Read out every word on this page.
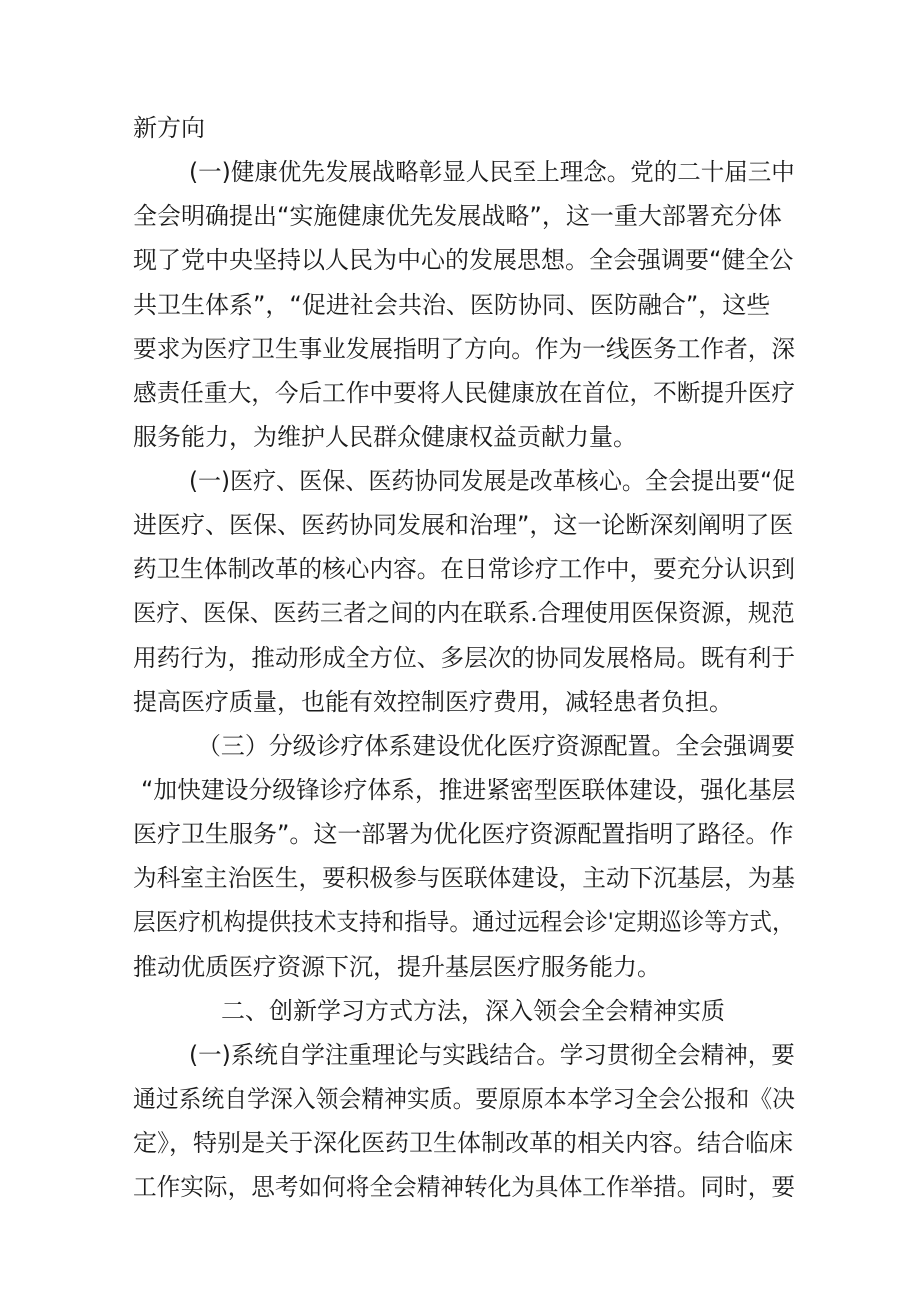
新方向
(一)健康优先发展战略彰显人民至上理念。党的二十届三中
全会明确提出“实施健康优先发展战略”，这一重大部署充分体
现了党中央坚持以人民为中心的发展思想。全会强调要“健全公
共卫生体系”，“促进社会共治、医防协同、医防融合”，这些
要求为医疗卫生事业发展指明了方向。作为一线医务工作者，深
感责任重大，今后工作中要将人民健康放在首位，不断提升医疗
服务能力，为维护人民群众健康权益贡献力量。
(一)医疗、医保、医药协同发展是改革核心。全会提出要“促
进医疗、医保、医药协同发展和治理”，这一论断深刻阐明了医
药卫生体制改革的核心内容。在日常诊疗工作中，要充分认识到
医疗、医保、医药三者之间的内在联系.合理使用医保资源，规范
用药行为，推动形成全方位、多层次的协同发展格局。既有利于
提高医疗质量，也能有效控制医疗费用，减轻患者负担。
（三）分级诊疗体系建设优化医疗资源配置。全会强调要
“加快建设分级锋诊疗体系，推进紧密型医联体建设，强化基层
医疗卫生服务”。这一部署为优化医疗资源配置指明了路径。作
为科室主治医生，要积极参与医联体建设，主动下沉基层，为基
层医疗机构提供技术支持和指导。通过远程会诊'定期巡诊等方式，
推动优质医疗资源下沉，提升基层医疗服务能力。
二、创新学习方式方法，深入领会全会精神实质
(一)系统自学注重理论与实践结合。学习贯彻全会精神，要
通过系统自学深入领会精神实质。要原原本本学习全会公报和《决
定》，特别是关于深化医药卫生体制改革的相关内容。结合临床
工作实际，思考如何将全会精神转化为具体工作举措。同时，要
